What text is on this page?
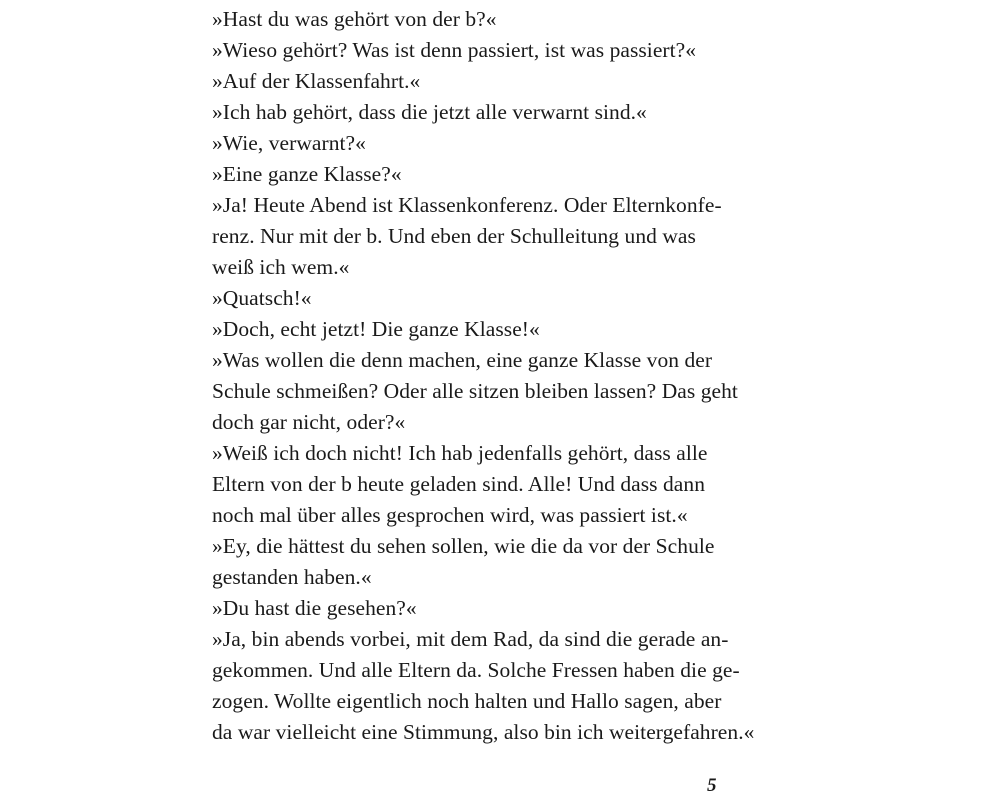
»Hast du was gehört von der b?«
»Wieso gehört? Was ist denn passiert, ist was passiert?«
»Auf der Klassenfahrt.«
»Ich hab gehört, dass die jetzt alle verwarnt sind.«
»Wie, verwarnt?«
»Eine ganze Klasse?«
»Ja! Heute Abend ist Klassenkonferenz. Oder Elternkonfe-
renz. Nur mit der b. Und eben der Schulleitung und was
weiß ich wem.«
»Quatsch!«
»Doch, echt jetzt! Die ganze Klasse!«
»Was wollen die denn machen, eine ganze Klasse von der
Schule schmeißen? Oder alle sitzen bleiben lassen? Das geht
doch gar nicht, oder?«
»Weiß ich doch nicht! Ich hab jedenfalls gehört, dass alle
Eltern von der b heute geladen sind. Alle! Und dass dann
noch mal über alles gesprochen wird, was passiert ist.«
»Ey, die hättest du sehen sollen, wie die da vor der Schule
gestanden haben.«
»Du hast die gesehen?«
»Ja, bin abends vorbei, mit dem Rad, da sind die gerade an-
gekommen. Und alle Eltern da. Solche Fressen haben die ge-
zogen. Wollte eigentlich noch halten und Hallo sagen, aber
da war vielleicht eine Stimmung, also bin ich weitergefahren.«
5
